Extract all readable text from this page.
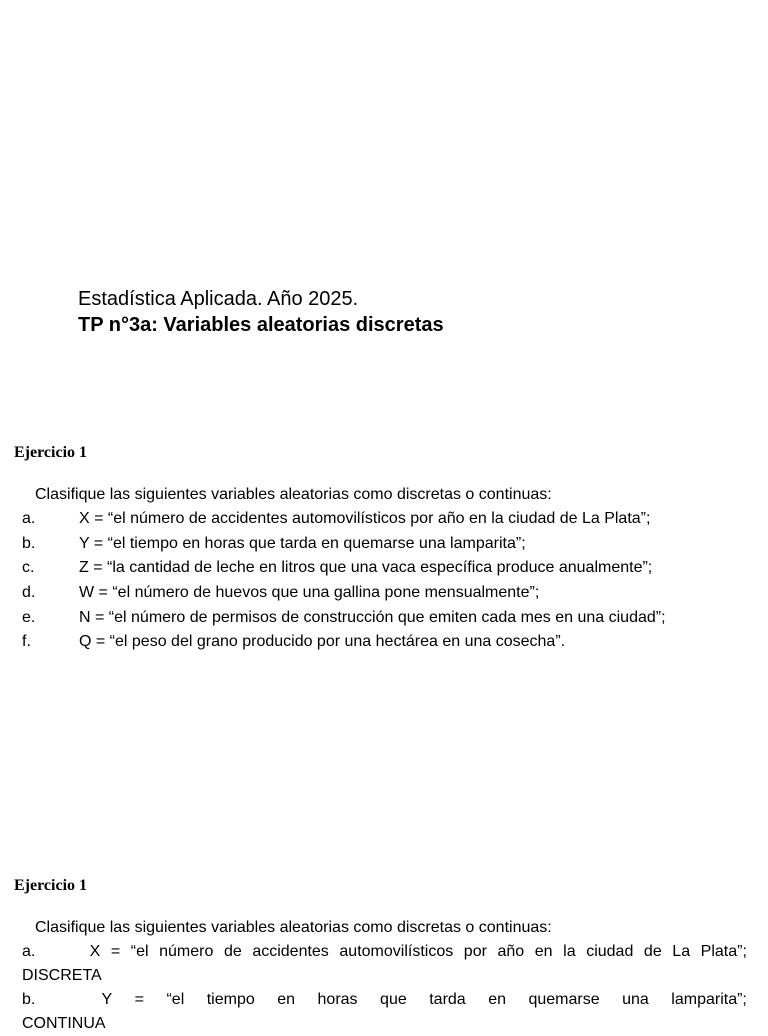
Estadística Aplicada. Año 2025.
TP n°3a: Variables aleatorias discretas
Ejercicio 1
Clasifique las siguientes variables aleatorias como discretas o continuas:
a.	X = “el número de accidentes automovilísticos por año en la ciudad de La Plata”;
b.	Y = “el tiempo en horas que tarda en quemarse una lamparita”;
c.	Z = “la cantidad de leche en litros que una vaca específica produce anualmente”;
d.	W = “el número de huevos que una gallina pone mensualmente”;
e.	N = “el número de permisos de construcción que emiten cada mes en una ciudad”;
f.	Q = “el peso del grano producido por una hectárea en una cosecha”.
Ejercicio 1
Clasifique las siguientes variables aleatorias como discretas o continuas:
a.	X = “el número de accidentes automovilísticos por año en la ciudad de La Plata”;
DISCRETA
b.	Y = “el tiempo en horas que tarda en quemarse una lamparita”;
CONTINUA
